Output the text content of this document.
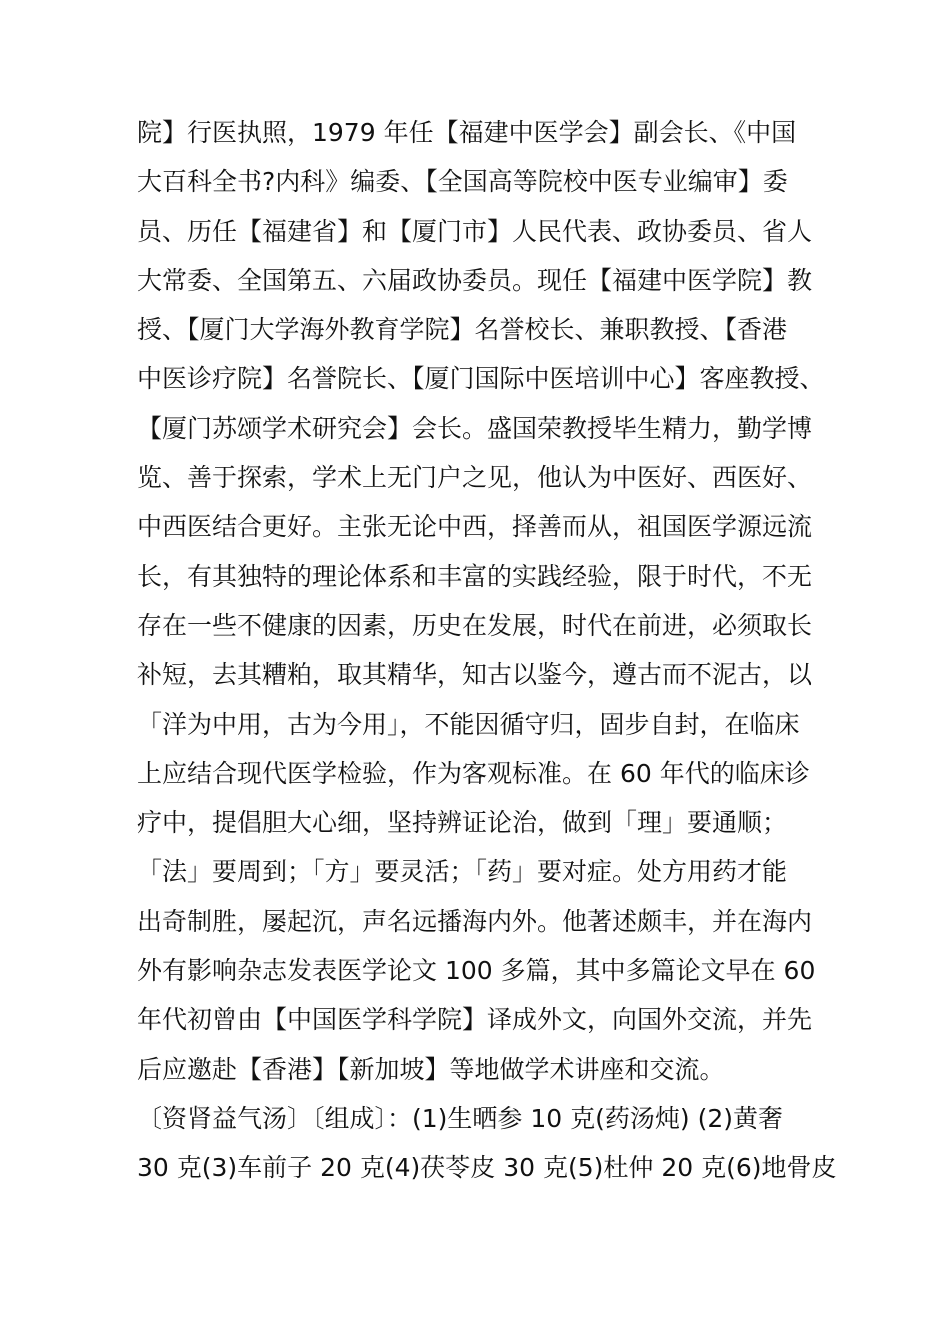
院】行医执照，1979 年任【福建中医学会】副会长、《中国
大百科全书?内科》编委、【全国高等院校中医专业编审】委
员、历任【福建省】和【厦门市】人民代表、政协委员、省人
大常委、全国第五、六届政协委员。现任【福建中医学院】教
授、【厦门大学海外教育学院】名誉校长、兼职教授、【香港
中医诊疗院】名誉院长、【厦门国际中医培训中心】客座教授、
【厦门苏颂学术研究会】会长。盛国荣教授毕生精力，勤学博
览、善于探索，学术上无门户之见，他认为中医好、西医好、
中西医结合更好。主张无论中西，择善而从，祖国医学源远流
长，有其独特的理论体系和丰富的实践经验，限于时代，不无
存在一些不健康的因素，历史在发展，时代在前进，必须取长
补短，去其糟粕，取其精华，知古以鉴今，遵古而不泥古，以
「洋为中用，古为今用」，不能因循守归，固步自封，在临床
上应结合现代医学检验，作为客观标准。在 60 年代的临床诊
疗中，提倡胆大心细，坚持辨证论治，做到「理」要通顺；
「法」要周到；「方」要灵活；「药」要对症。处方用药才能
出奇制胜，屡起沉，声名远播海内外。他著述颇丰，并在海内
外有影响杂志发表医学论文 100 多篇，其中多篇论文早在 60
年代初曾由【中国医学科学院】译成外文，向国外交流，并先
后应邀赴【香港】【新加坡】等地做学术讲座和交流。
〔资肾益气汤〕〔组成〕：(1)生晒参 10 克(药汤炖) (2)黄奢
30 克(3)车前子 20 克(4)茯苓皮 30 克(5)杜仲 20 克(6)地骨皮
